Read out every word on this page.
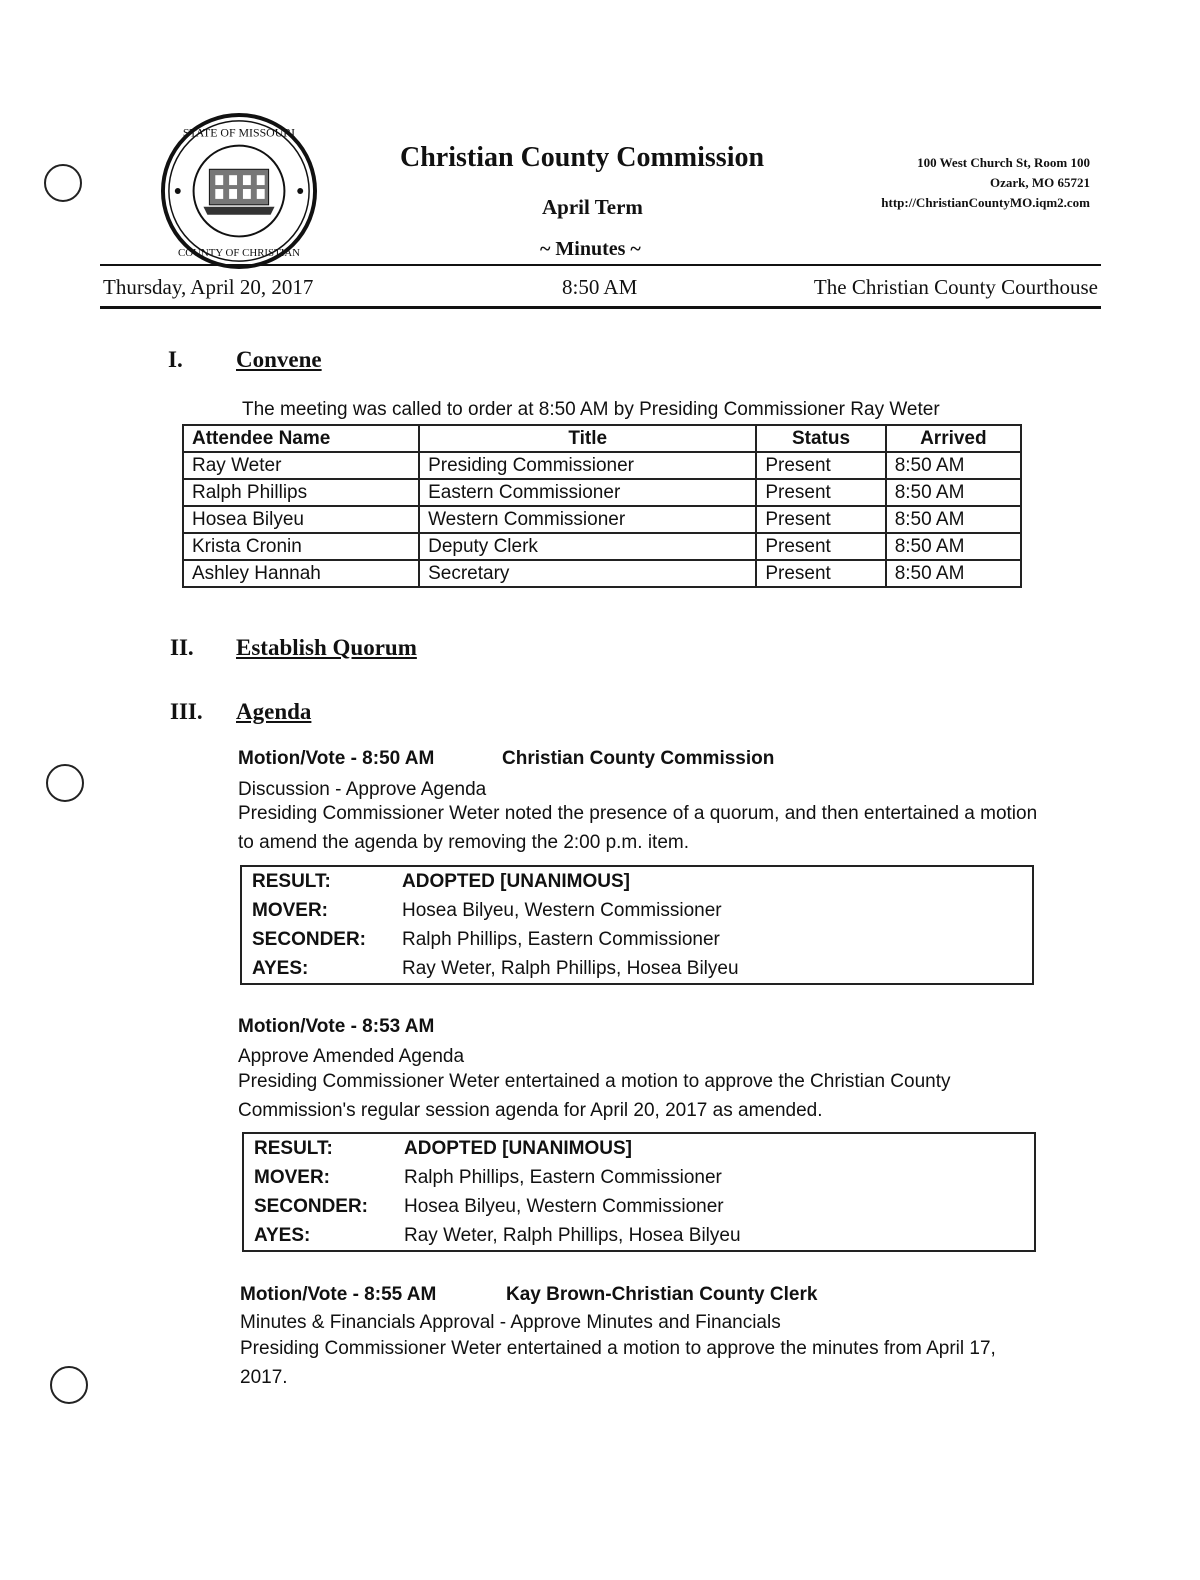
STATE OF MISSOURI
COUNTY OF CHRISTIAN
Christian County Commission
April Term
~ Minutes ~
100 West Church St, Room 100
Ozark, MO 65721
http://ChristianCountyMO.iqm2.com
Thursday, April 20, 2017	8:50 AM	The Christian County Courthouse
I. Convene
The meeting was called to order at 8:50 AM by Presiding Commissioner Ray Weter
Attendee Name	Title	Status	Arrived
Ray Weter	Presiding Commissioner	Present	8:50 AM
Ralph Phillips	Eastern Commissioner	Present	8:50 AM
Hosea Bilyeu	Western Commissioner	Present	8:50 AM
Krista Cronin	Deputy Clerk	Present	8:50 AM
Ashley Hannah	Secretary	Present	8:50 AM
II. Establish Quorum
III. Agenda
Motion/Vote - 8:50 AM	Christian County Commission
Discussion - Approve Agenda
Presiding Commissioner Weter noted the presence of a quorum, and then entertained a motion to amend the agenda by removing the 2:00 p.m. item.
RESULT:	ADOPTED [UNANIMOUS]
MOVER:	Hosea Bilyeu, Western Commissioner
SECONDER:	Ralph Phillips, Eastern Commissioner
AYES:	Ray Weter, Ralph Phillips, Hosea Bilyeu
Motion/Vote - 8:53 AM
Approve Amended Agenda
Presiding Commissioner Weter entertained a motion to approve the Christian County Commission's regular session agenda for April 20, 2017 as amended.
RESULT:	ADOPTED [UNANIMOUS]
MOVER:	Ralph Phillips, Eastern Commissioner
SECONDER:	Hosea Bilyeu, Western Commissioner
AYES:	Ray Weter, Ralph Phillips, Hosea Bilyeu
Motion/Vote - 8:55 AM	Kay Brown-Christian County Clerk
Minutes & Financials Approval - Approve Minutes and Financials
Presiding Commissioner Weter entertained a motion to approve the minutes from April 17, 2017.
